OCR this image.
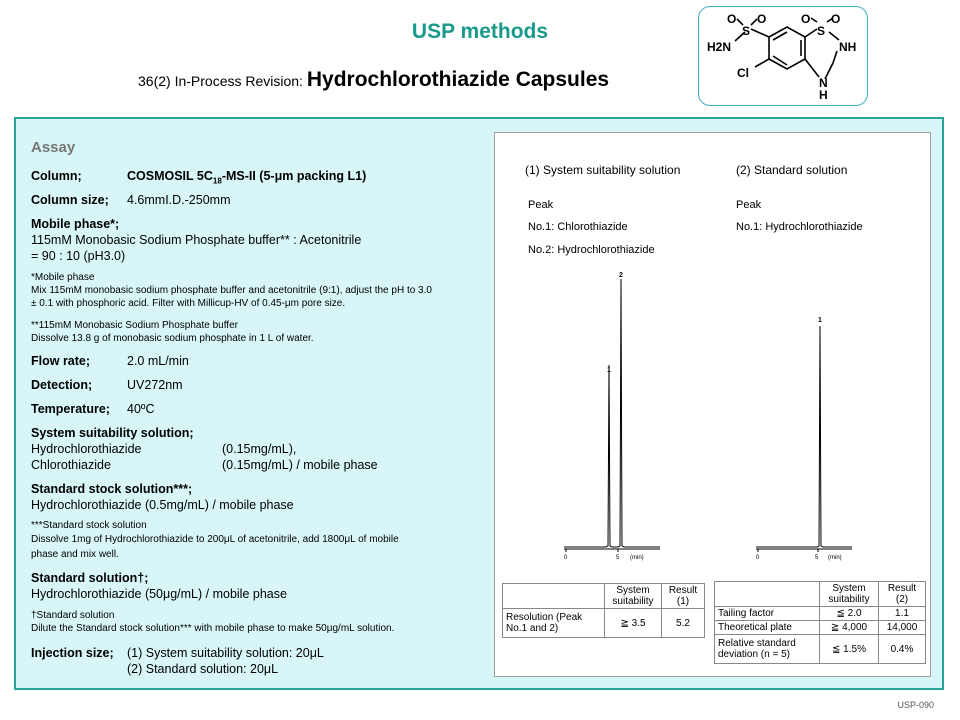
USP methods
36(2) In-Process Revision: Hydrochlorothiazide Capsules
O O	O O
S	S
H2N	NH
Cl
N
H
Assay
Column;	COSMOSIL $5C_{18}-MS-II$ (5-μm packing L1)
Column size; 4.6mmI.D.-250mm
Mobile phase*;
115mM Monobasic Sodium Phosphate buffer** : Acetonitrile
= 90 : 10 (pH3.0)
*Mobile phase
Mix 115mM monobasic sodium phosphate buffer and acetonitrile (9:1), adjust the pH to 3.0
± 0.1 with phosphoric acid. Filter with Millicup-HV of 0.45-μm pore size.
**115mM Monobasic Sodium Phosphate buffer
Dissolve 13.8 g of monobasic sodium phosphate in 1 L of water.
Flow rate;	2.0 mL/min
Detection;	UV272nm
Temperature; 40ºC
System suitability solution;
Hydrochlorothiazide	(0.15mg/mL),
Chlorothiazide	(0.15mg/mL) / mobile phase
Standard stock solution***;
Hydrochlorothiazide (0.5mg/mL) / mobile phase
***Standard stock solution
Dissolve 1mg of Hydrochlorothiazide to 200μL of acetonitrile, add 1800μL of mobile
phase and mix well.
Standard solution†;
Hydrochlorothiazide (50μg/mL) / mobile phase
†Standard solution
Dilute the Standard stock solution*** with mobile phase to make 50μg/mL solution.
Injection size; (1) System suitability solution: 20μL
(2) Standard solution: 20μL
(1) System suitability solution
Peak
No.1: Chlorothiazide
No.2: Hydrochlorothiazide
(2) Standard solution
Peak
No.1: Hydrochlorothiazide
1
2
0	5 (min)
1
0	5 (min)
	System suitability	Result (1)
Resolution (Peak No.1 and 2)	≧ 3.5	5.2
	System suitability	Result (2)
Tailing factor	≦ 2.0	1.1
Theoretical plate	≧ 4,000	14,000
Relative standard deviation (n = 5)	≦ 1.5%	0.4%
USP-090
